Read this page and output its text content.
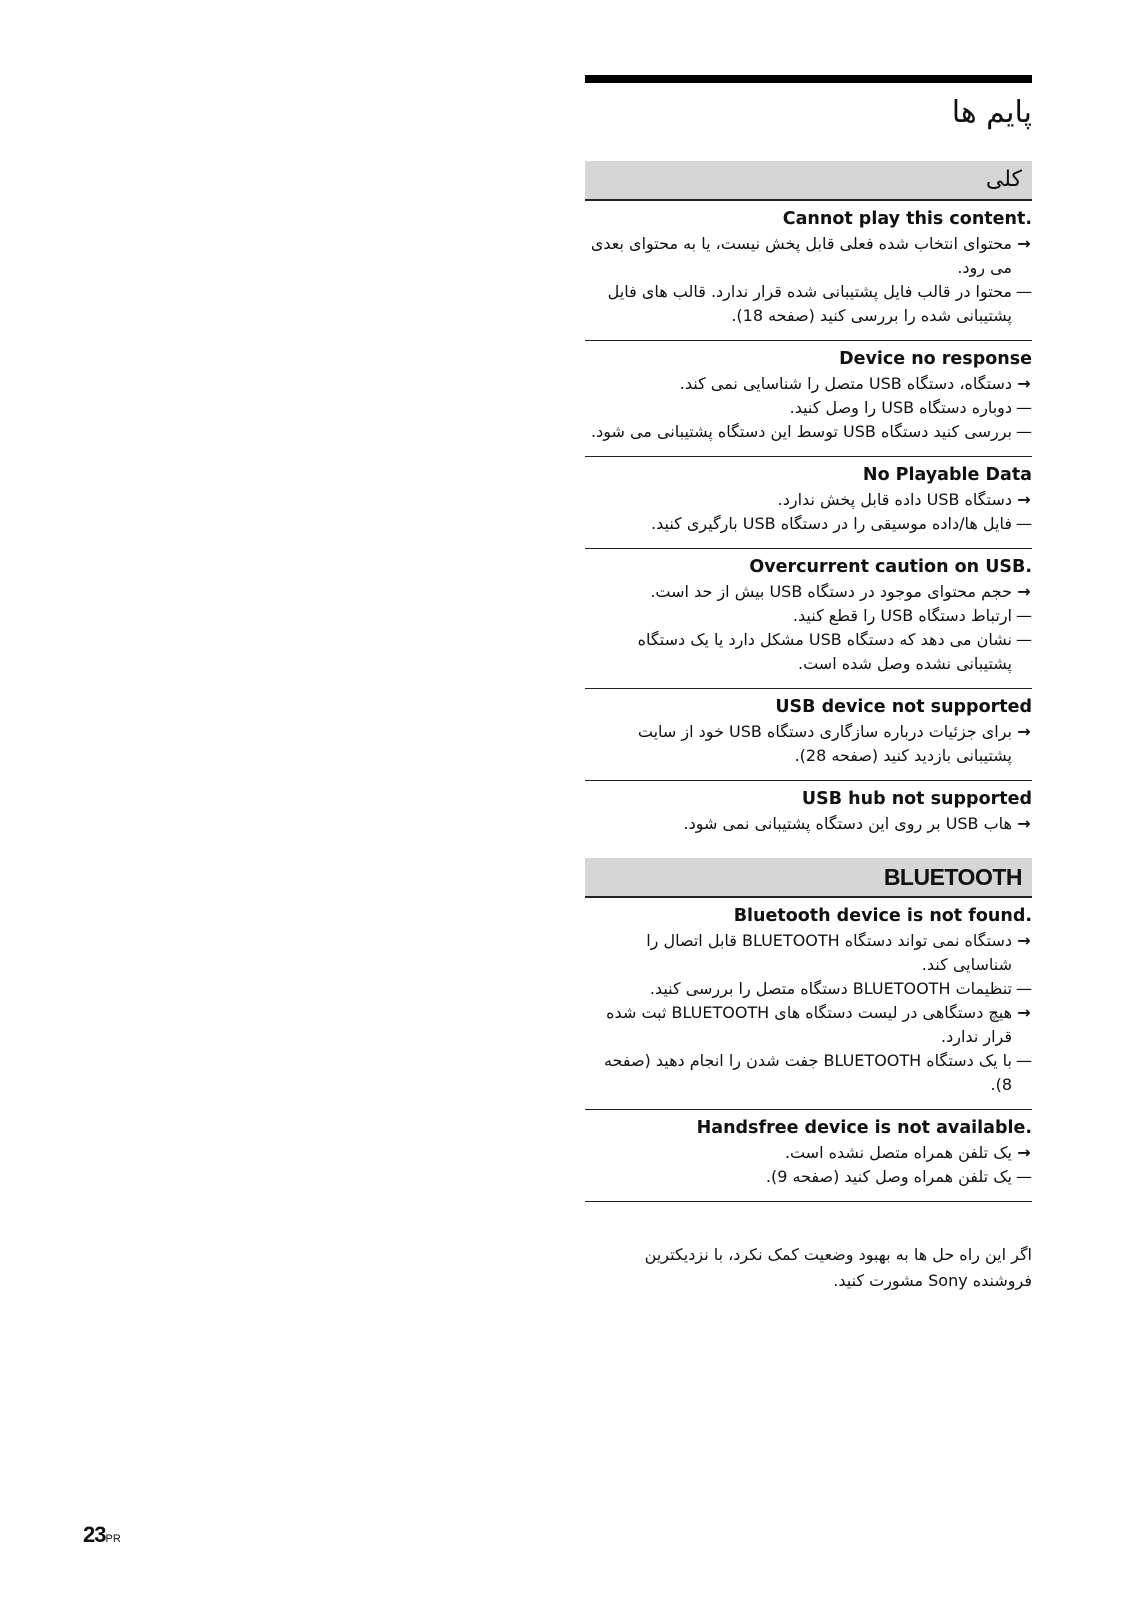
پایم ها
کلی
Cannot play this content.
→
محتوای انتخاب شده فعلی قابل پخش نیست، یا به محتوای بعدی می رود.
—
محتوا در قالب فایل پشتیبانی شده قرار ندارد. قالب های فایل پشتیبانی شده را بررسی کنید (صفحه 18).
Device no response
→
دستگاه، دستگاه USB متصل را شناسایی نمی کند.
—
دوباره دستگاه USB را وصل کنید.
—
بررسی کنید دستگاه USB توسط این دستگاه پشتیبانی می شود.
No Playable Data
→
دستگاه USB داده قابل پخش ندارد.
—
فایل ها/داده موسیقی را در دستگاه USB بارگیری کنید.
Overcurrent caution on USB.
→
حجم محتوای موجود در دستگاه USB بیش از حد است.
—
ارتباط دستگاه USB را قطع کنید.
—
نشان می دهد که دستگاه USB مشکل دارد یا یک دستگاه پشتیبانی نشده وصل شده است.
USB device not supported
→
برای جزئیات درباره سازگاری دستگاه USB خود از سایت پشتیبانی بازدید کنید (صفحه 28).
USB hub not supported
→
هاب USB بر روی این دستگاه پشتیبانی نمی شود.
BLUETOOTH
Bluetooth device is not found.
→
دستگاه نمی تواند دستگاه BLUETOOTH قابل اتصال را شناسایی کند.
—
تنظیمات BLUETOOTH دستگاه متصل را بررسی کنید.
→
هیچ دستگاهی در لیست دستگاه های BLUETOOTH ثبت شده قرار ندارد.
—
با یک دستگاه BLUETOOTH جفت شدن را انجام دهید (صفحه 8).
Handsfree device is not available.
→
یک تلفن همراه متصل نشده است.
—
یک تلفن همراه وصل کنید (صفحه 9).
اگر این راه حل ها به بهبود وضعیت کمک نکرد، با نزدیکترین فروشنده Sony مشورت کنید.
23PR
